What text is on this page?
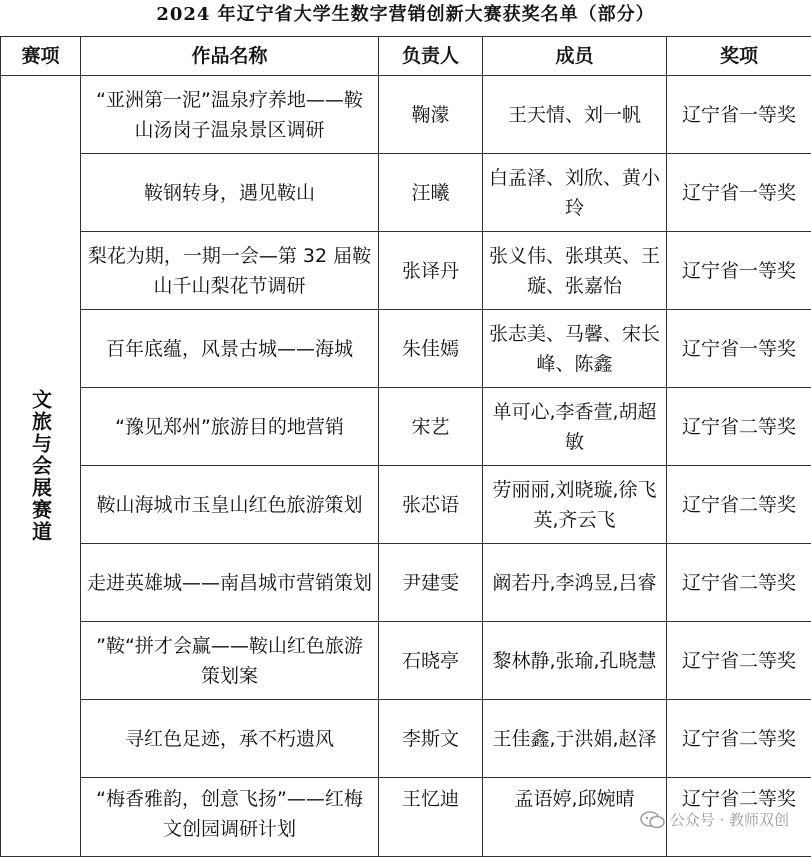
2024 年辽宁省大学生数字营销创新大赛获奖名单（部分）
赛项	作品名称	负责人	成员	奖项

文旅与会展赛道	“亚洲第一泥”温泉疗养地——鞍山汤岗子温泉景区调研	鞠濛	王天情、刘一帆	辽宁省一等奖
	鞍钢转身，遇见鞍山	汪曦	白孟泽、刘欣、黄小玲	辽宁省一等奖
	梨花为期，一期一会—第 32 届鞍山千山梨花节调研	张译丹	张义伟、张琪英、王璇、张嘉怡	辽宁省一等奖
	百年底蕴，风景古城——海城	朱佳嫣	张志美、马馨、宋长峰、陈鑫	辽宁省一等奖
	“豫见郑州”旅游目的地营销	宋艺	单可心,李香萱,胡超敏	辽宁省二等奖
	鞍山海城市玉皇山红色旅游策划	张芯语	劳丽丽,刘晓璇,徐飞英,齐云飞	辽宁省二等奖
	走进英雄城——南昌城市营销策划	尹建雯	阚若丹,李鸿昱,吕睿	辽宁省二等奖
	”鞍“拼才会赢——鞍山红色旅游策划案	石晓亭	黎林静,张瑜,孔晓慧	辽宁省二等奖
	寻红色足迹，承不朽遗风	李斯文	王佳鑫,于洪娟,赵泽	辽宁省二等奖
	“梅香雅韵，创意飞扬”——红梅文创园调研计划	王忆迪	孟语婷,邱婉晴	辽宁省二等奖
公众号 · 教师双创
